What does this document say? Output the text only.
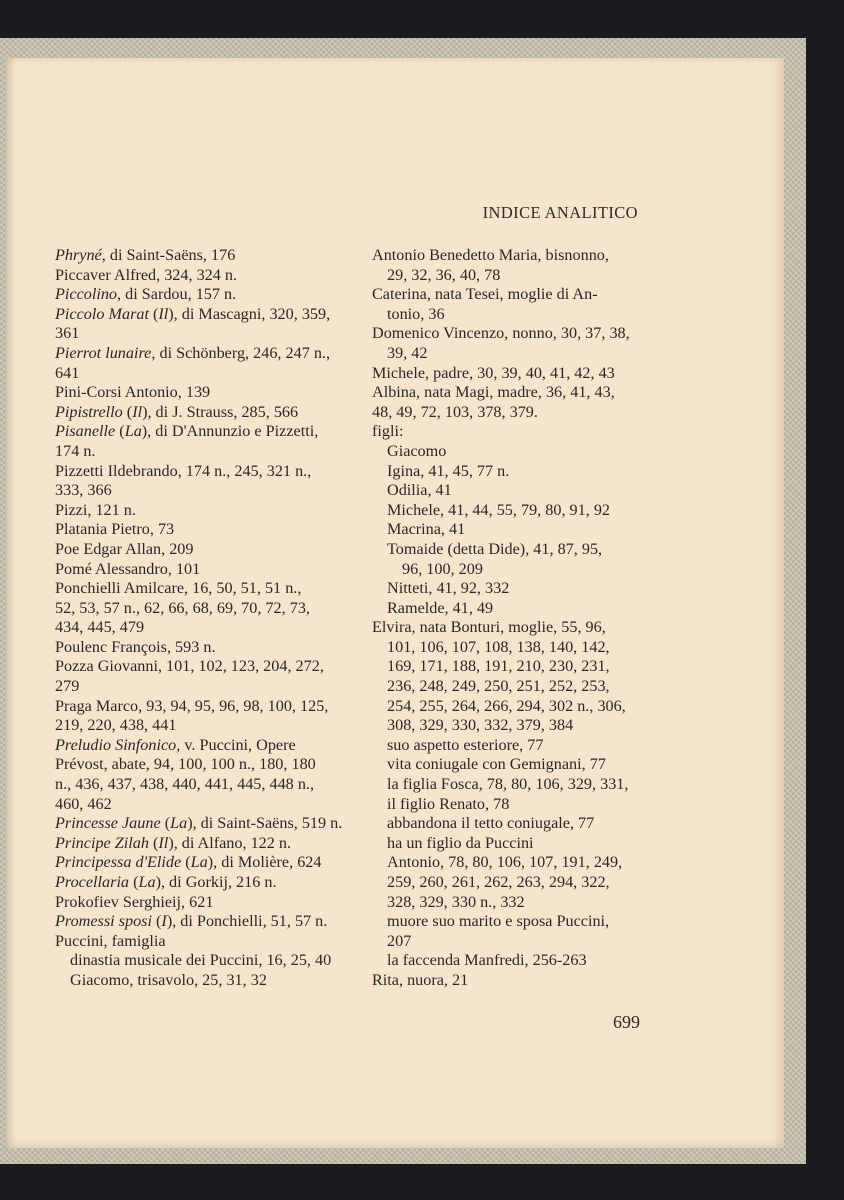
INDICE ANALITICO
Phryné, di Saint-Saëns, 176
Piccaver Alfred, 324, 324 n.
Piccolino, di Sardou, 157 n.
Piccolo Marat (Il), di Mascagni, 320, 359,
361
Pierrot lunaire, di Schönberg, 246, 247 n.,
641
Pini-Corsi Antonio, 139
Pipistrello (Il), di J. Strauss, 285, 566
Pisanelle (La), di D'Annunzio e Pizzetti,
174 n.
Pizzetti Ildebrando, 174 n., 245, 321 n.,
333, 366
Pizzi, 121 n.
Platania Pietro, 73
Poe Edgar Allan, 209
Pomé Alessandro, 101
Ponchielli Amilcare, 16, 50, 51, 51 n.,
52, 53, 57 n., 62, 66, 68, 69, 70, 72, 73,
434, 445, 479
Poulenc François, 593 n.
Pozza Giovanni, 101, 102, 123, 204, 272,
279
Praga Marco, 93, 94, 95, 96, 98, 100, 125,
219, 220, 438, 441
Preludio Sinfonico, v. Puccini, Opere
Prévost, abate, 94, 100, 100 n., 180, 180
n., 436, 437, 438, 440, 441, 445, 448 n.,
460, 462
Princesse Jaune (La), di Saint-Saëns, 519 n.
Principe Zilah (Il), di Alfano, 122 n.
Principessa d'Elide (La), di Molière, 624
Procellaria (La), di Gorkij, 216 n.
Prokofiev Serghieij, 621
Promessi sposi (I), di Ponchielli, 51, 57 n.
Puccini, famiglia
dinastia musicale dei Puccini, 16, 25, 40
Giacomo, trisavolo, 25, 31, 32
Antonio Benedetto Maria, bisnonno,
29, 32, 36, 40, 78
Caterina, nata Tesei, moglie di An-
tonio, 36
Domenico Vincenzo, nonno, 30, 37, 38,
39, 42
Michele, padre, 30, 39, 40, 41, 42, 43
Albina, nata Magi, madre, 36, 41, 43,
48, 49, 72, 103, 378, 379.
figli:
Giacomo
Igina, 41, 45, 77 n.
Odilia, 41
Michele, 41, 44, 55, 79, 80, 91, 92
Macrina, 41
Tomaide (detta Dide), 41, 87, 95,
96, 100, 209
Nitteti, 41, 92, 332
Ramelde, 41, 49
Elvira, nata Bonturi, moglie, 55, 96,
101, 106, 107, 108, 138, 140, 142,
169, 171, 188, 191, 210, 230, 231,
236, 248, 249, 250, 251, 252, 253,
254, 255, 264, 266, 294, 302 n., 306,
308, 329, 330, 332, 379, 384
suo aspetto esteriore, 77
vita coniugale con Gemignani, 77
la figlia Fosca, 78, 80, 106, 329, 331,
il figlio Renato, 78
abbandona il tetto coniugale, 77
ha un figlio da Puccini
Antonio, 78, 80, 106, 107, 191, 249,
259, 260, 261, 262, 263, 294, 322,
328, 329, 330 n., 332
muore suo marito e sposa Puccini,
207
la faccenda Manfredi, 256-263
Rita, nuora, 21
699
